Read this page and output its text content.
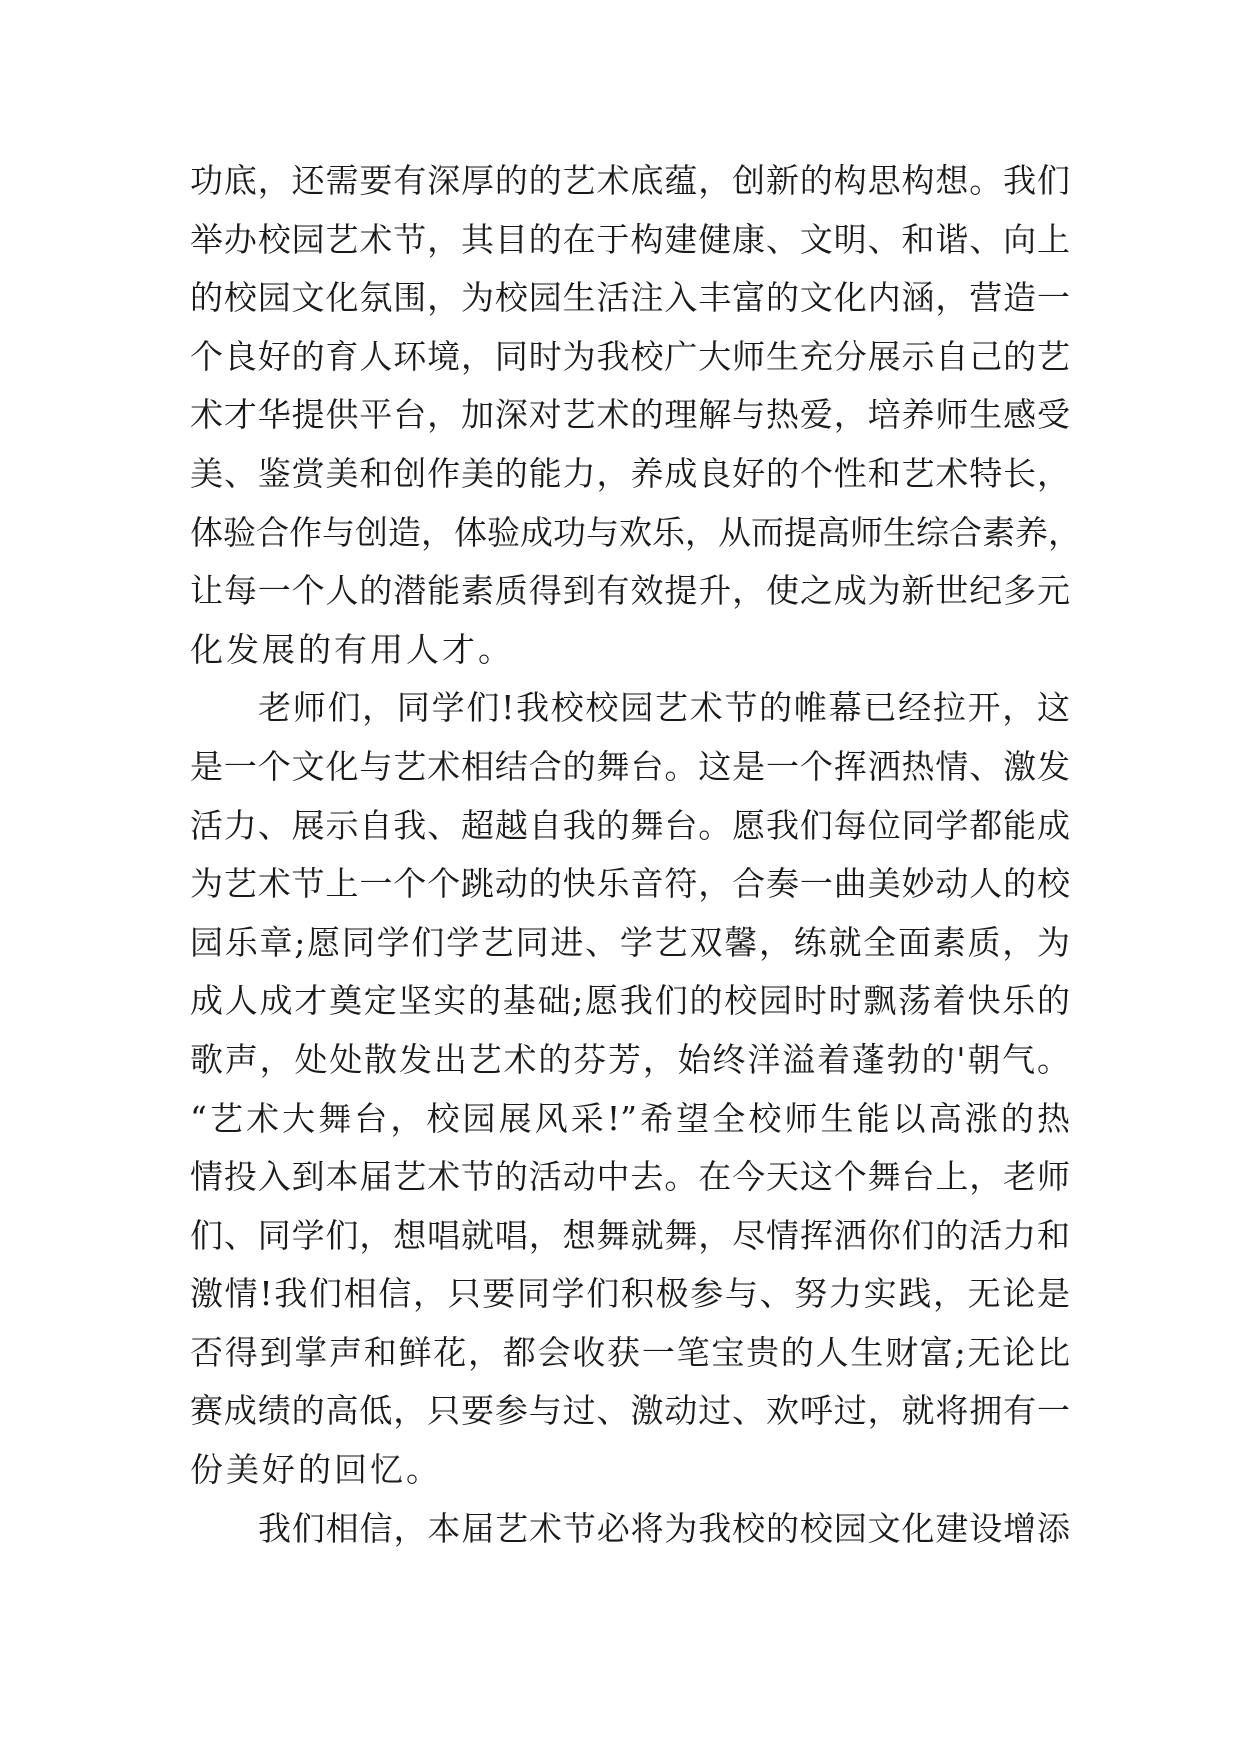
功底，还需要有深厚的的艺术底蕴，创新的构思构想。我们
举办校园艺术节，其目的在于构建健康、文明、和谐、向上
的校园文化氛围，为校园生活注入丰富的文化内涵，营造一
个良好的育人环境，同时为我校广大师生充分展示自己的艺
术才华提供平台，加深对艺术的理解与热爱，培养师生感受
美、鉴赏美和创作美的能力，养成良好的个性和艺术特长，
体验合作与创造，体验成功与欢乐，从而提高师生综合素养，
让每一个人的潜能素质得到有效提升，使之成为新世纪多元
化发展的有用人才。
老师们，同学们!我校校园艺术节的帷幕已经拉开，这
是一个文化与艺术相结合的舞台。这是一个挥洒热情、激发
活力、展示自我、超越自我的舞台。愿我们每位同学都能成
为艺术节上一个个跳动的快乐音符，合奏一曲美妙动人的校
园乐章;愿同学们学艺同进、学艺双馨，练就全面素质，为
成人成才奠定坚实的基础;愿我们的校园时时飘荡着快乐的
歌声，处处散发出艺术的芬芳，始终洋溢着蓬勃的'朝气。
“艺术大舞台，校园展风采!”希望全校师生能以高涨的热
情投入到本届艺术节的活动中去。在今天这个舞台上，老师
们、同学们，想唱就唱，想舞就舞，尽情挥洒你们的活力和
激情!我们相信，只要同学们积极参与、努力实践，无论是
否得到掌声和鲜花，都会收获一笔宝贵的人生财富;无论比
赛成绩的高低，只要参与过、激动过、欢呼过，就将拥有一
份美好的回忆。
我们相信，本届艺术节必将为我校的校园文化建设增添
